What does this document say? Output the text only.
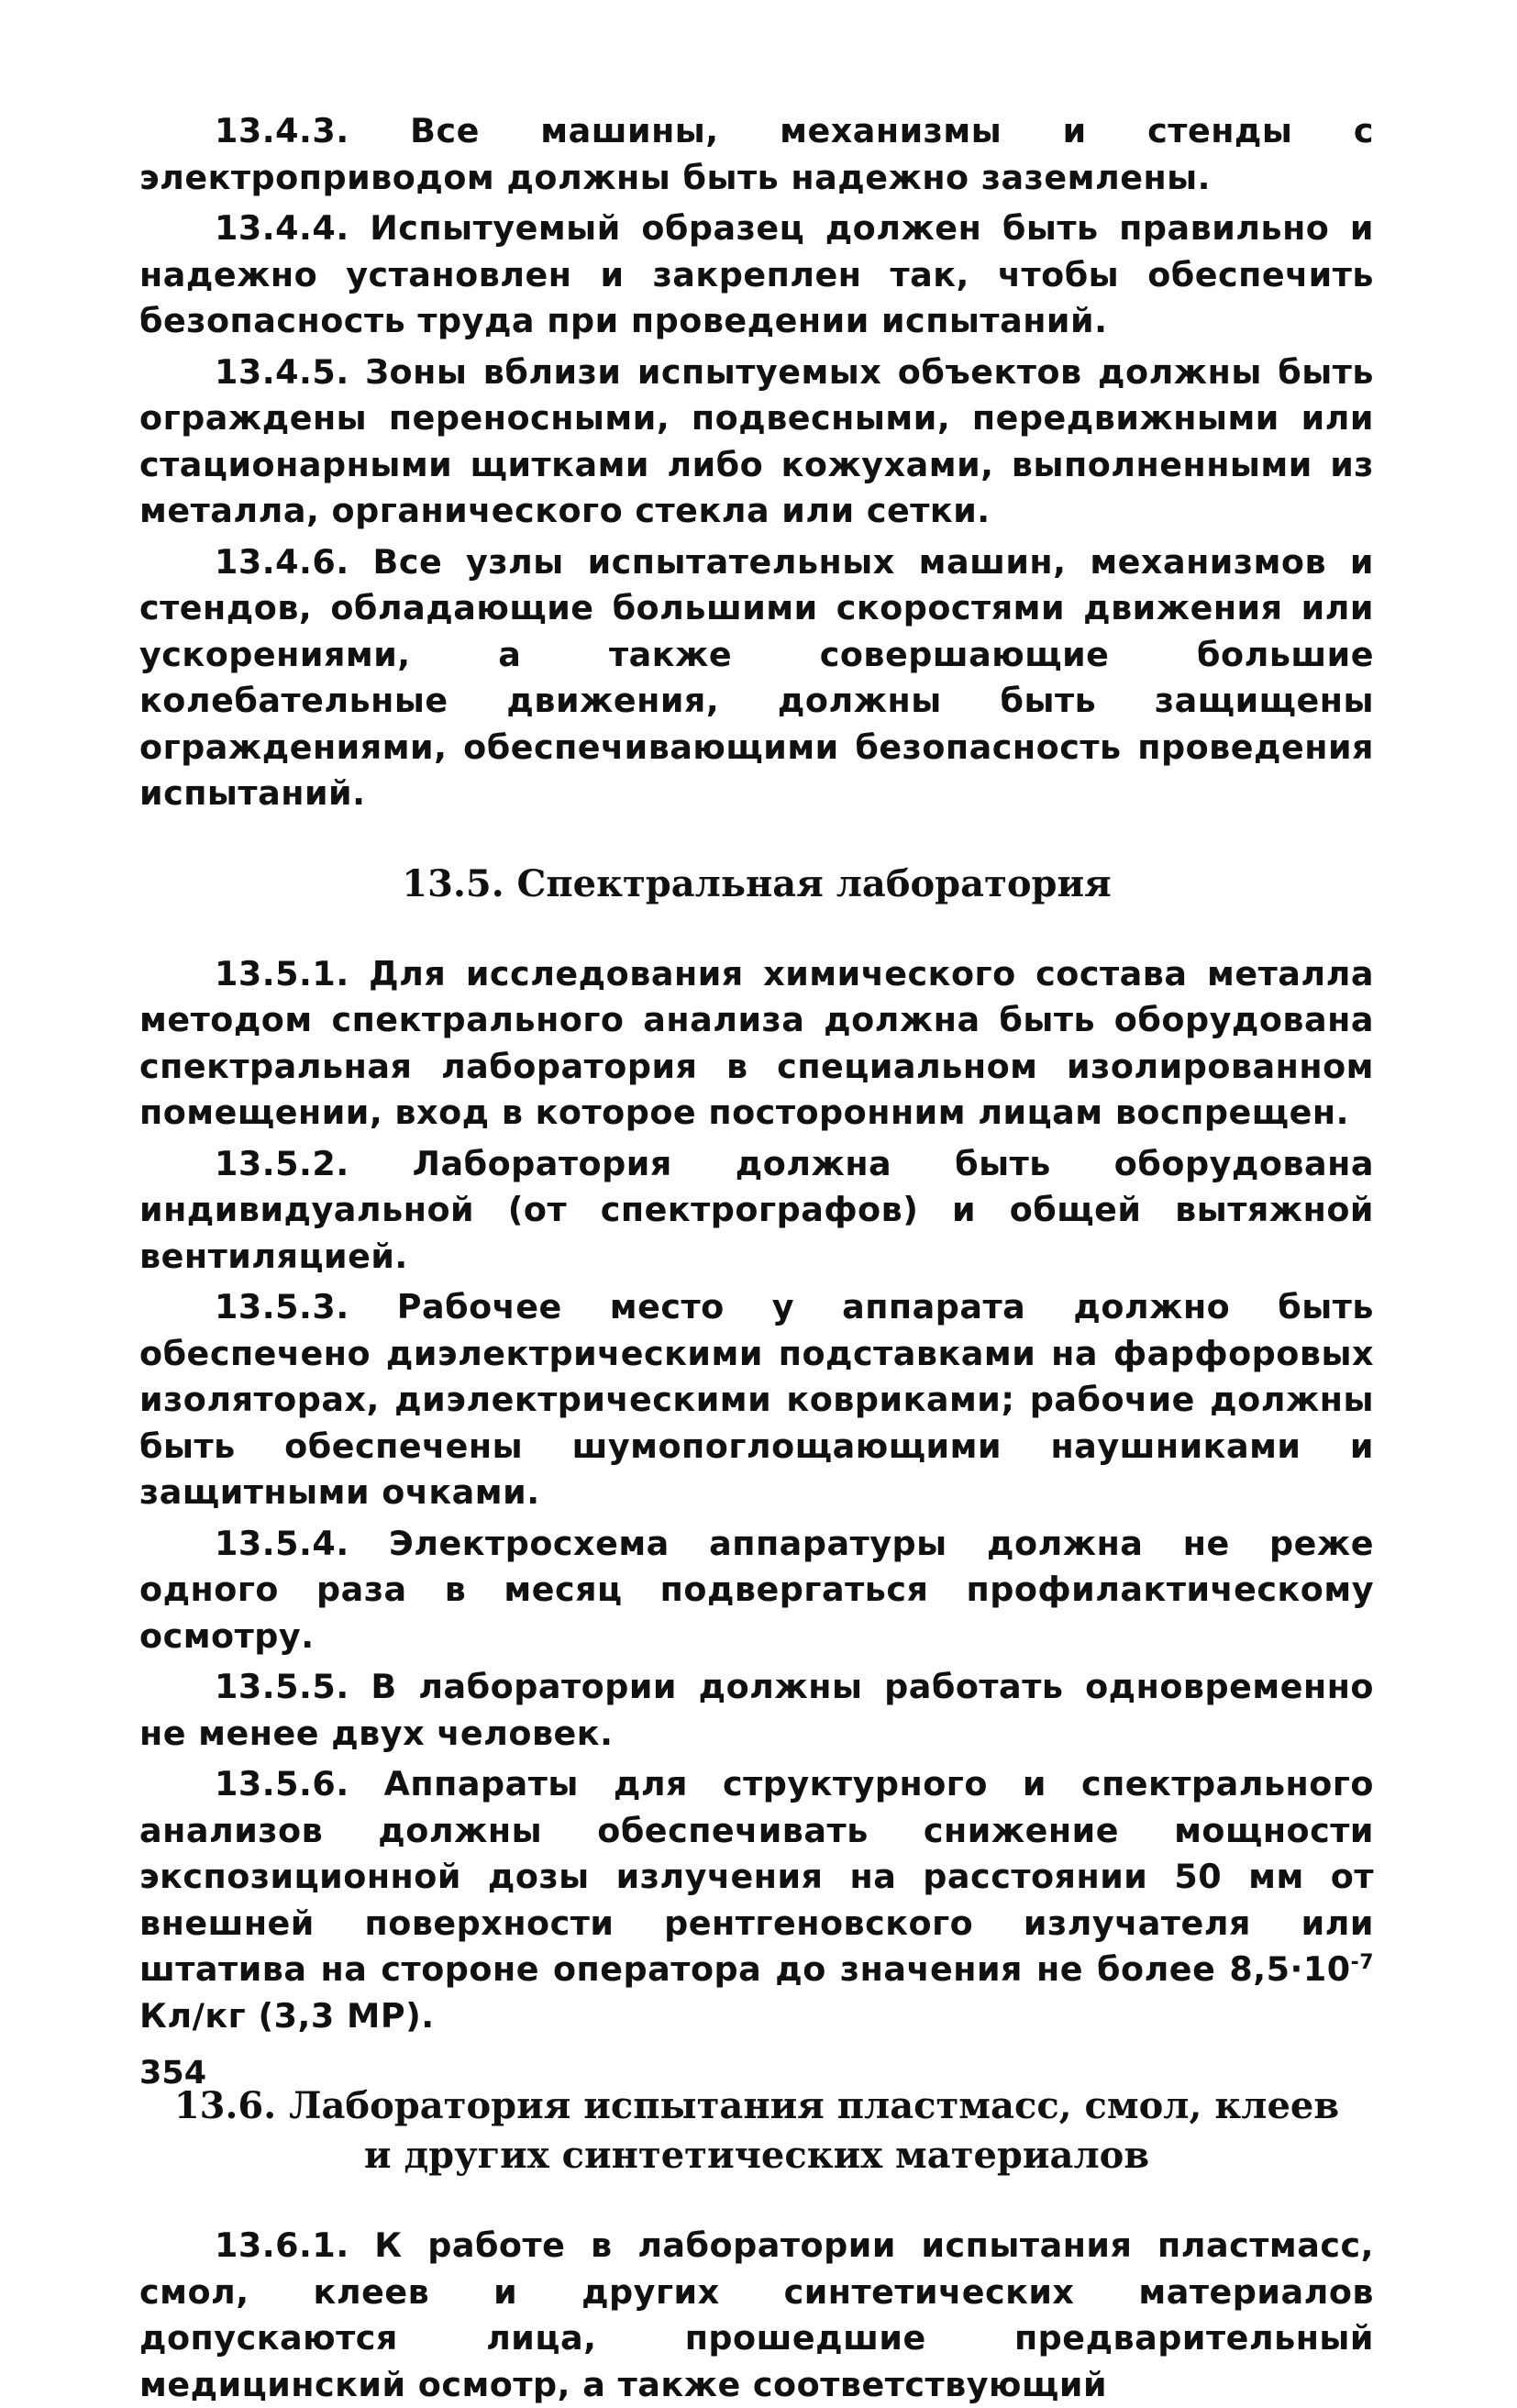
13.4.3. Все машины, механизмы и стенды с электроприводом должны быть надежно заземлены.

13.4.4. Испытуемый образец должен быть правильно и надежно установлен и закреплен так, чтобы обеспечить безопасность труда при проведении испытаний.

13.4.5. Зоны вблизи испытуемых объектов должны быть ограждены переносными, подвесными, передвижными или стационарными щитками либо кожухами, выполненными из металла, органического стекла или сетки.

13.4.6. Все узлы испытательных машин, механизмов и стендов, обладающие большими скоростями движения или ускорениями, а также совершающие большие колебательные движения, должны быть защищены ограждениями, обеспечивающими безопасность проведения испытаний.

13.5. Спектральная лаборатория

13.5.1. Для исследования химического состава металла методом спектрального анализа должна быть оборудована спектральная лаборатория в специальном изолированном помещении, вход в которое посторонним лицам воспрещен.

13.5.2. Лаборатория должна быть оборудована индивидуальной (от спектрографов) и общей вытяжной вентиляцией.

13.5.3. Рабочее место у аппарата должно быть обеспечено диэлектрическими подставками на фарфоровых изоляторах, диэлектрическими ковриками; рабочие должны быть обеспечены шумопоглощающими наушниками и защитными очками.

13.5.4. Электросхема аппаратуры должна не реже одного раза в месяц подвергаться профилактическому осмотру.

13.5.5. В лаборатории должны работать одновременно не менее двух человек.

13.5.6. Аппараты для структурного и спектрального анализов должны обеспечивать снижение мощности экспозиционной дозы излучения на расстоянии 50 мм от внешней поверхности рентгеновского излучателя или штатива на стороне оператора до значения не более $8,5\cdot 10^{-7}$ Кл/кг (3,3 МР).

13.6. Лаборатория испытания пластмасс, смол, клеев
и других синтетических материалов

13.6.1. К работе в лаборатории испытания пластмасс, смол, клеев и других синтетических материалов допускаются лица, прошедшие предварительный медицинский осмотр, а также соответствующий

354
